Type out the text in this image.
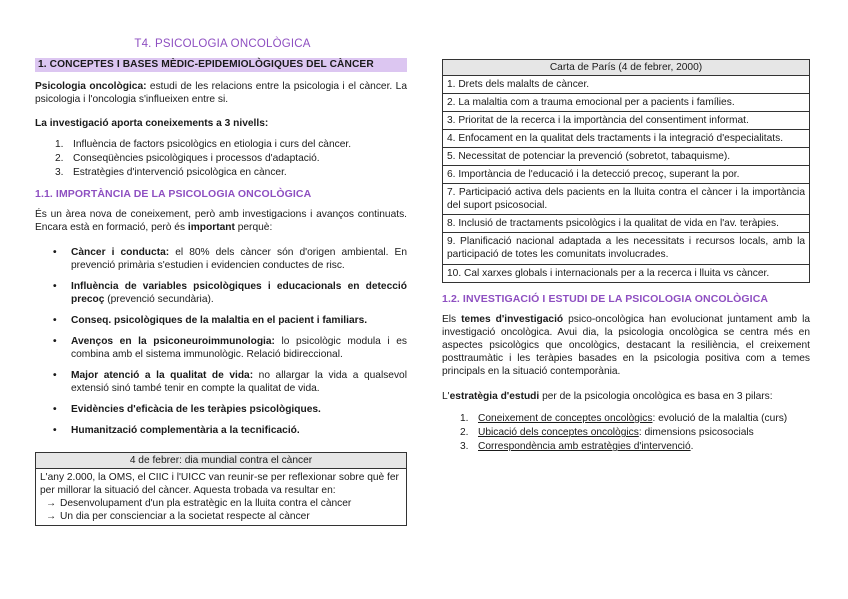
T4. PSICOLOGIA ONCOLÒGICA
1. CONCEPTES I BASES MÈDIC-EPIDEMIOLÒGIQUES DEL CÀNCER

Psicologia oncològica: estudi de les relacions entre la psicologia i el càncer. La psicologia i l'oncologia s'influeixen entre si.

La investigació aporta coneixements a 3 nivells:

1. Influència de factors psicològics en etiologia i curs del càncer.
2. Conseqüències psicològiques i processos d'adaptació.
3. Estratègies d'intervenció psicològica en càncer.
1.1. IMPORTÀNCIA DE LA PSICOLOGIA ONCOLÒGICA

És un àrea nova de coneixement, però amb investigacions i avanços continuats. Encara està en formació, però és important perquè:

• Càncer i conducta: el 80% dels càncer són d'origen ambiental. En prevenció primària s'estudien i evidencien conductes de risc.
• Influència de variables psicològiques i educacionals en detecció precoç (prevenció secundària).
• Conseq. psicològiques de la malaltia en el pacient i familiars.
• Avenços en la psiconeuroimmunologia: lo psicològic modula i es combina amb el sistema immunològic. Relació bidireccional.
• Major atenció a la qualitat de vida: no allargar la vida a qualsevol extensió sinó també tenir en compte la qualitat de vida.
• Evidències d'eficàcia de les teràpies psicològiques.
• Humanització complementària a la tecnificació.
4 de febrer: dia mundial contra el càncer

L'any 2.000, la OMS, el CIIC i l'UICC van reunir-se per reflexionar sobre què fer per millorar la situació del càncer. Aquesta trobada va resultar en:

→ Desenvolupament d'un pla estratègic en la lluita contra el càncer
→ Un dia per conscienciar a la societat respecte al càncer
Carta de París (4 de febrer, 2000)
1. Drets dels malalts de càncer.
2. La malaltia com a trauma emocional per a pacients i famílies.
3. Prioritat de la recerca i la importància del consentiment informat.
4. Enfocament en la qualitat dels tractaments i la integració d'especialitats.
5. Necessitat de potenciar la prevenció (sobretot, tabaquisme).
6. Importància de l'educació i la detecció precoç, superant la por.
7. Participació activa dels pacients en la lluita contra el càncer i la importància del suport psicosocial.
8. Inclusió de tractaments psicològics i la qualitat de vida en l'av. teràpies.
9. Planificació nacional adaptada a les necessitats i recursos locals, amb la participació de totes les comunitats involucrades.
10. Cal xarxes globals i internacionals per a la recerca i lluita vs càncer.
1.2. INVESTIGACIÓ I ESTUDI DE LA PSICOLOGIA ONCOLÒGICA

Els temes d'investigació psico-oncològica han evolucionat juntament amb la investigació oncològica. Avui dia, la psicologia oncològica se centra més en aspectes psicològics que oncològics, destacant la resiliència, el creixement posttraumàtic i les teràpies basades en la psicologia positiva com a temes principals en la situació contemporània.

L'estratègia d'estudi per de la psicologia oncològica es basa en 3 pilars:

1. Coneixement de conceptes oncològics: evolució de la malaltia (curs)
2. Ubicació dels conceptes oncològics: dimensions psicosocials
3. Correspondència amb estratègies d'intervenció.
